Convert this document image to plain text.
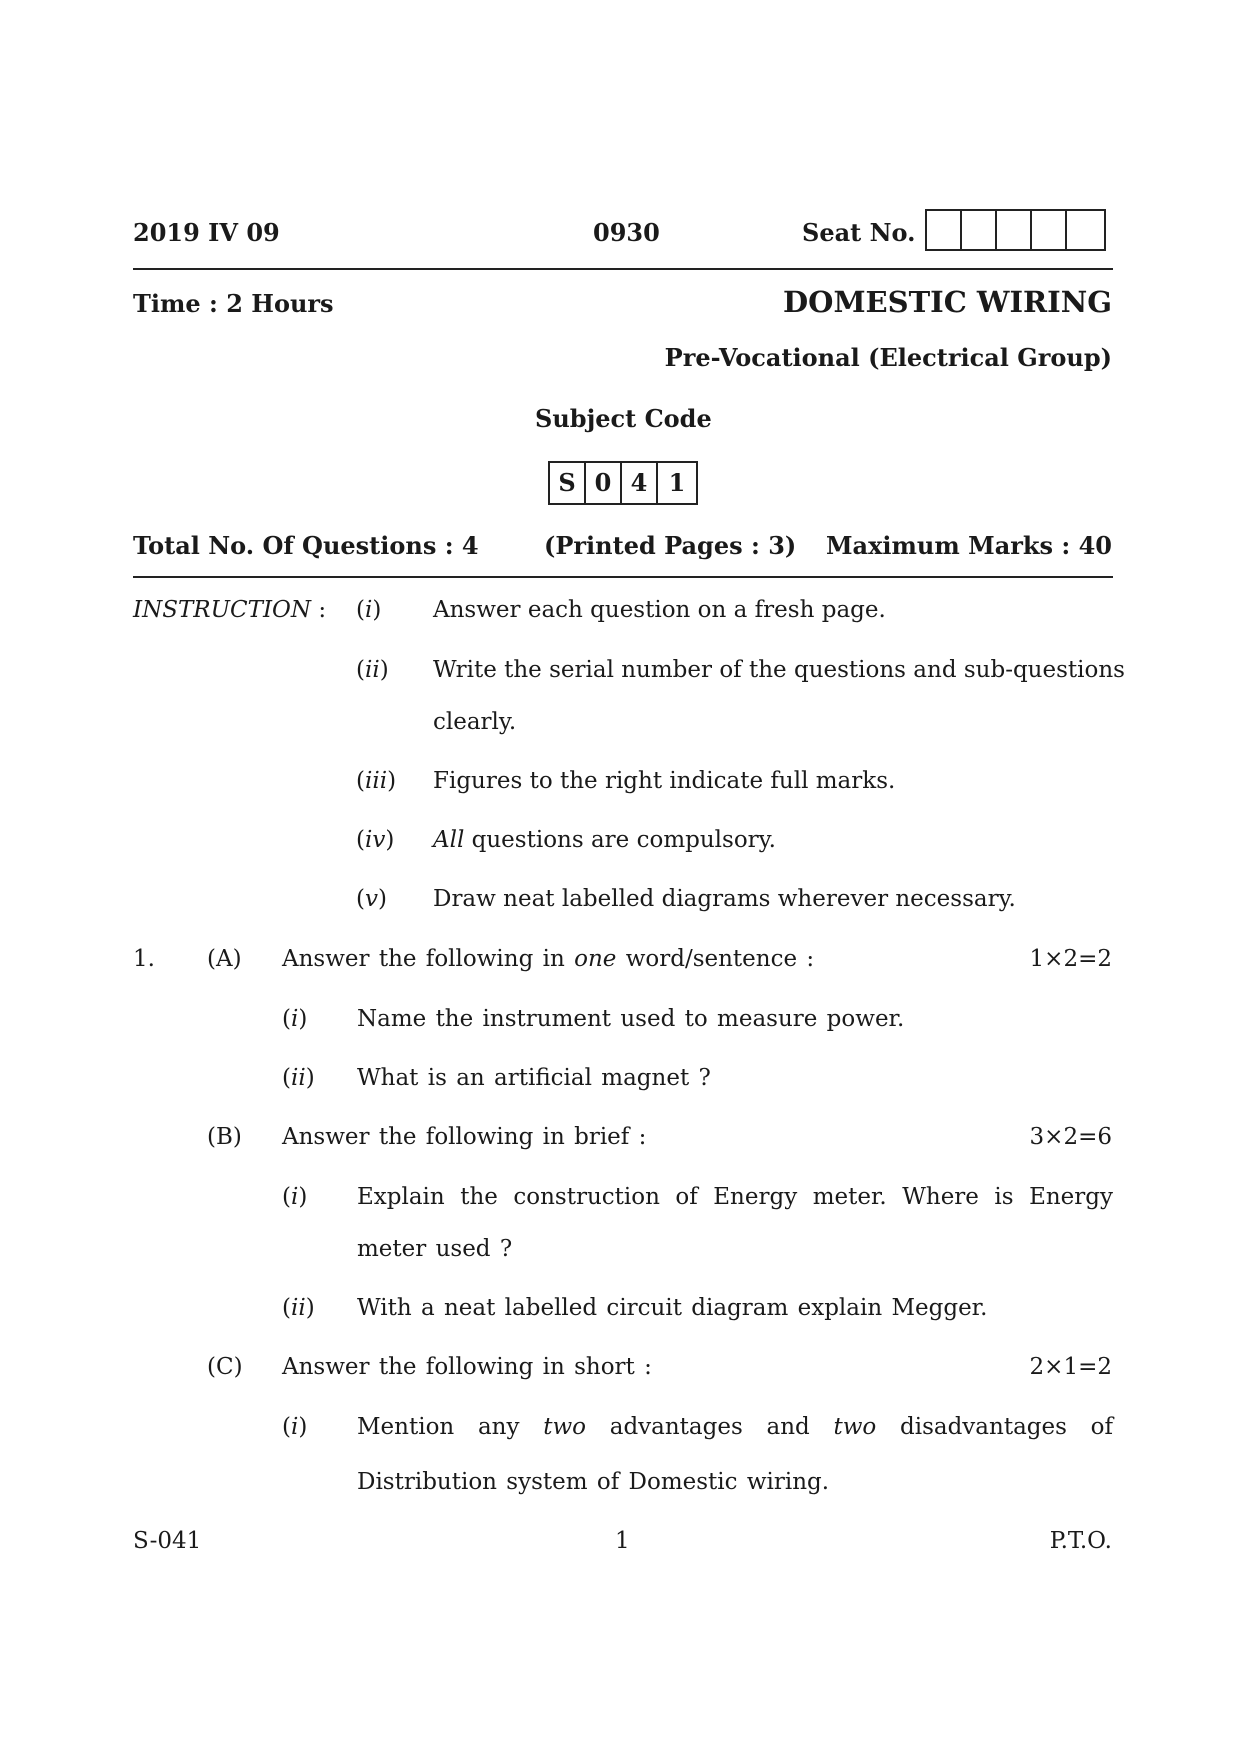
2019 IV 09	0930	Seat No.
Time : 2 Hours	DOMESTIC WIRING
Pre-Vocational (Electrical Group)
Subject Code
S 0 4 1
Total No. Of Questions : 4	(Printed Pages : 3) Maximum Marks : 40
INSTRUCTION : (i) Answer each question on a fresh page.
(ii) Write the serial number of the questions and sub-questions
clearly.
(iii) Figures to the right indicate full marks.
(iv) All questions are compulsory.
(v) Draw neat labelled diagrams wherever necessary.
1. (A) Answer the following in one word/sentence :	1×2=2
(i) Name the instrument used to measure power.
(ii) What is an artificial magnet ?
(B) Answer the following in brief :	3×2=6
(i) Explain the construction of Energy meter. Where is Energy
meter used ?
(ii) With a neat labelled circuit diagram explain Megger.
(C) Answer the following in short :	2×1=2
(i) Mention any two advantages and two disadvantages of
Distribution system of Domestic wiring.
S-041	1	P.T.O.
